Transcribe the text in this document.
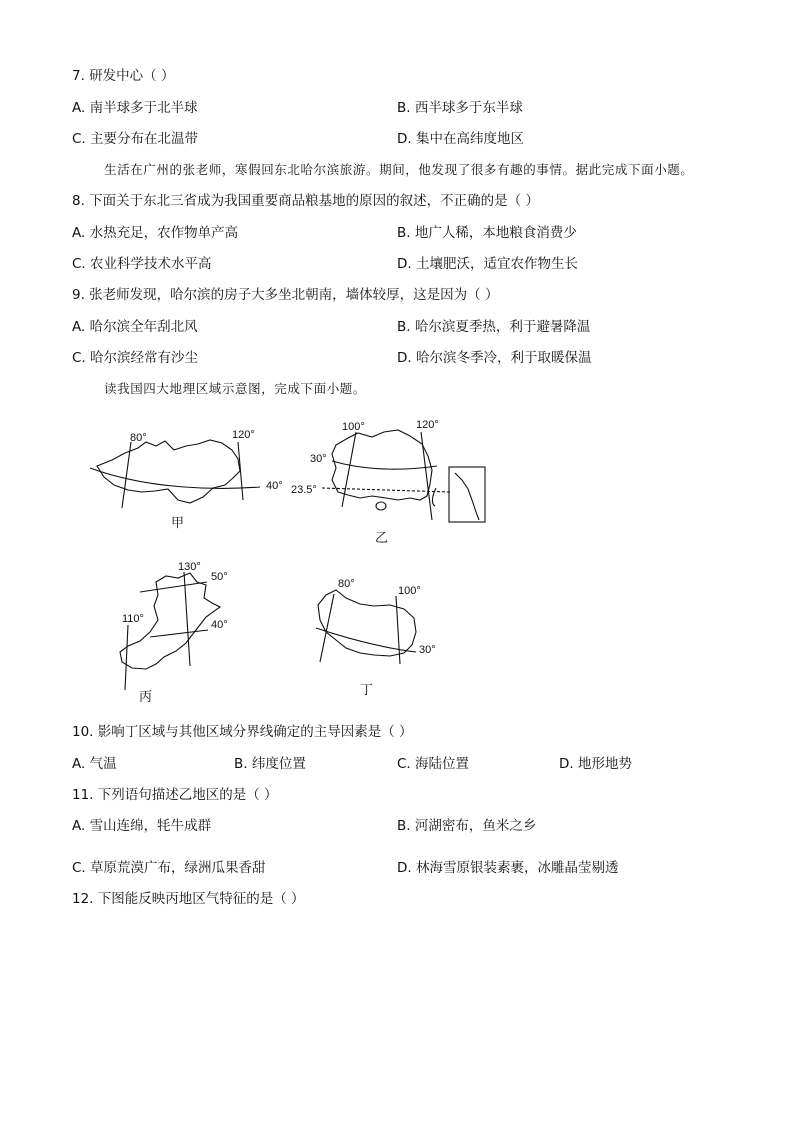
7. 研发中心（ ）
A. 南半球多于北半球	B. 西半球多于东半球
C. 主要分布在北温带	D. 集中在高纬度地区
生活在广州的张老师，寒假回东北哈尔滨旅游。期间，他发现了很多有趣的事情。据此完成下面小题。
8. 下面关于东北三省成为我国重要商品粮基地的原因的叙述，不正确的是（ ）
A. 水热充足，农作物单产高	B. 地广人稀，本地粮食消费少
C. 农业科学技术水平高	D. 土壤肥沃，适宜农作物生长
9. 张老师发现，哈尔滨的房子大多坐北朝南，墙体较厚，这是因为（ ）
A. 哈尔滨全年刮北风	B. 哈尔滨夏季热，利于避暑降温
C. 哈尔滨经常有沙尘	D. 哈尔滨冬季冷，利于取暖保温
读我国四大地理区域示意图，完成下面小题。
80°	120°
40°
甲
100°	120°
30°
23.5°
乙
130°
50°
110°	40°
丙
80°
100°
30°
丁
10. 影响丁区域与其他区域分界线确定的主导因素是（ ）
A. 气温	B. 纬度位置	C. 海陆位置	D. 地形地势
11. 下列语句描述乙地区的是（ ）
A. 雪山连绵，牦牛成群	B. 河湖密布，鱼米之乡
C. 草原荒漠广布，绿洲瓜果香甜	D. 林海雪原银装素裹，冰雕晶莹剔透
12. 下图能反映丙地区气特征的是（ ）
